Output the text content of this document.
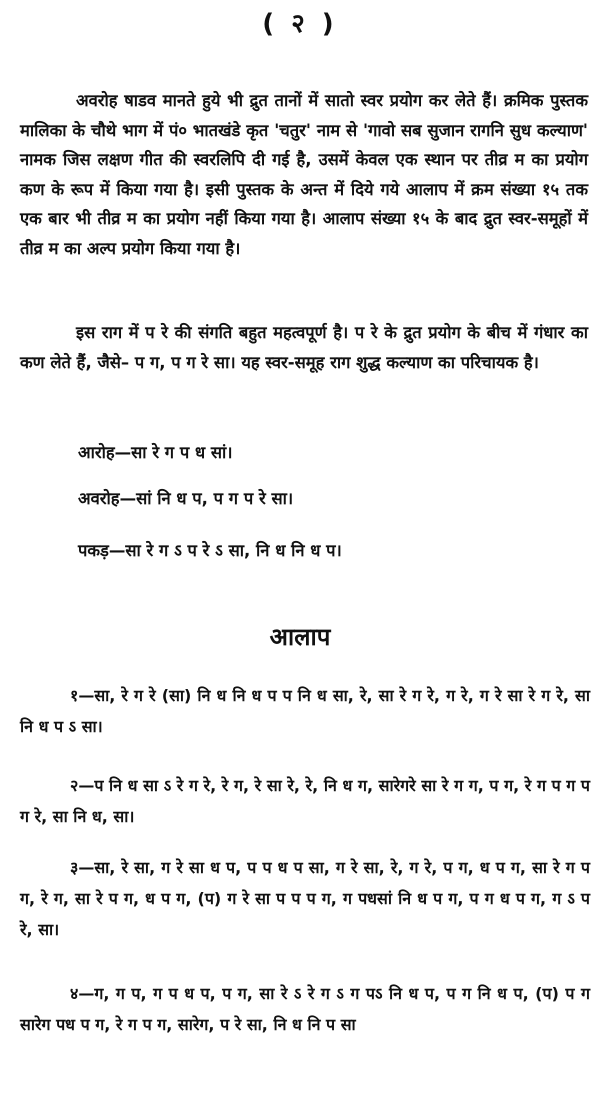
( २ )
अवरोह षाडव मानते हुये भी द्रुत तानों में सातो स्वर प्रयोग कर लेते हैं। क्रमिक पुस्तक मालिका के चौथे भाग में पं० भातखंडे कृत 'चतुर' नाम से 'गावो सब सुजान रागनि सुध कल्याण' नामक जिस लक्षण गीत की स्वरलिपि दी गई है, उसमें केवल एक स्थान पर तीव्र म का प्रयोग कण के रूप में किया गया है। इसी पुस्तक के अन्त में दिये गये आलाप में क्रम संख्या १५ तक एक बार भी तीव्र म का प्रयोग नहीं किया गया है। आलाप संख्या १५ के बाद द्रुत स्वर-समूहों में तीव्र म का अल्प प्रयोग किया गया है।
इस राग में प रे की संगति बहुत महत्वपूर्ण है। प रे के द्रुत प्रयोग के बीच में गंधार का कण लेते हैं, जैसे– प ग, प ग रे सा। यह स्वर-समूह राग शुद्ध कल्याण का परिचायक है।
आरोह—सा रे ग प ध सां।
अवरोह—सां नि ध प, प ग प रे सा।
पकड़—सा रे ग ऽ प रे ऽ सा, नि ध नि ध प।
आलाप
१—सा, रे ग रे (सा) नि ध नि ध प प नि ध सा, रे, सा रे ग रे, ग रे, ग रे सा रे ग रे, सा नि ध प ऽ सा।
२—प नि ध सा ऽ रे ग रे, रे ग, रे सा रे, रे, नि ध ग, सारेगरे सा रे ग ग, प ग, रे ग प ग प ग रे, सा नि ध, सा।
३—सा, रे सा, ग रे सा ध प, प प ध प सा, ग रे सा, रे, ग रे, प ग, ध प ग, सा रे ग प ग, रे ग, सा रे प ग, ध प ग, (प) ग रे सा प प प ग, ग पधसां नि ध प ग, प ग ध प ग, ग ऽ प रे, सा।
४—ग, ग प, ग प ध प, प ग, सा रे ऽ रे ग ऽ ग पऽ नि ध प, प ग नि ध प, (प) प ग सारेग पध प ग, रे ग प ग, सारेग, प रे सा, नि ध नि प सा
